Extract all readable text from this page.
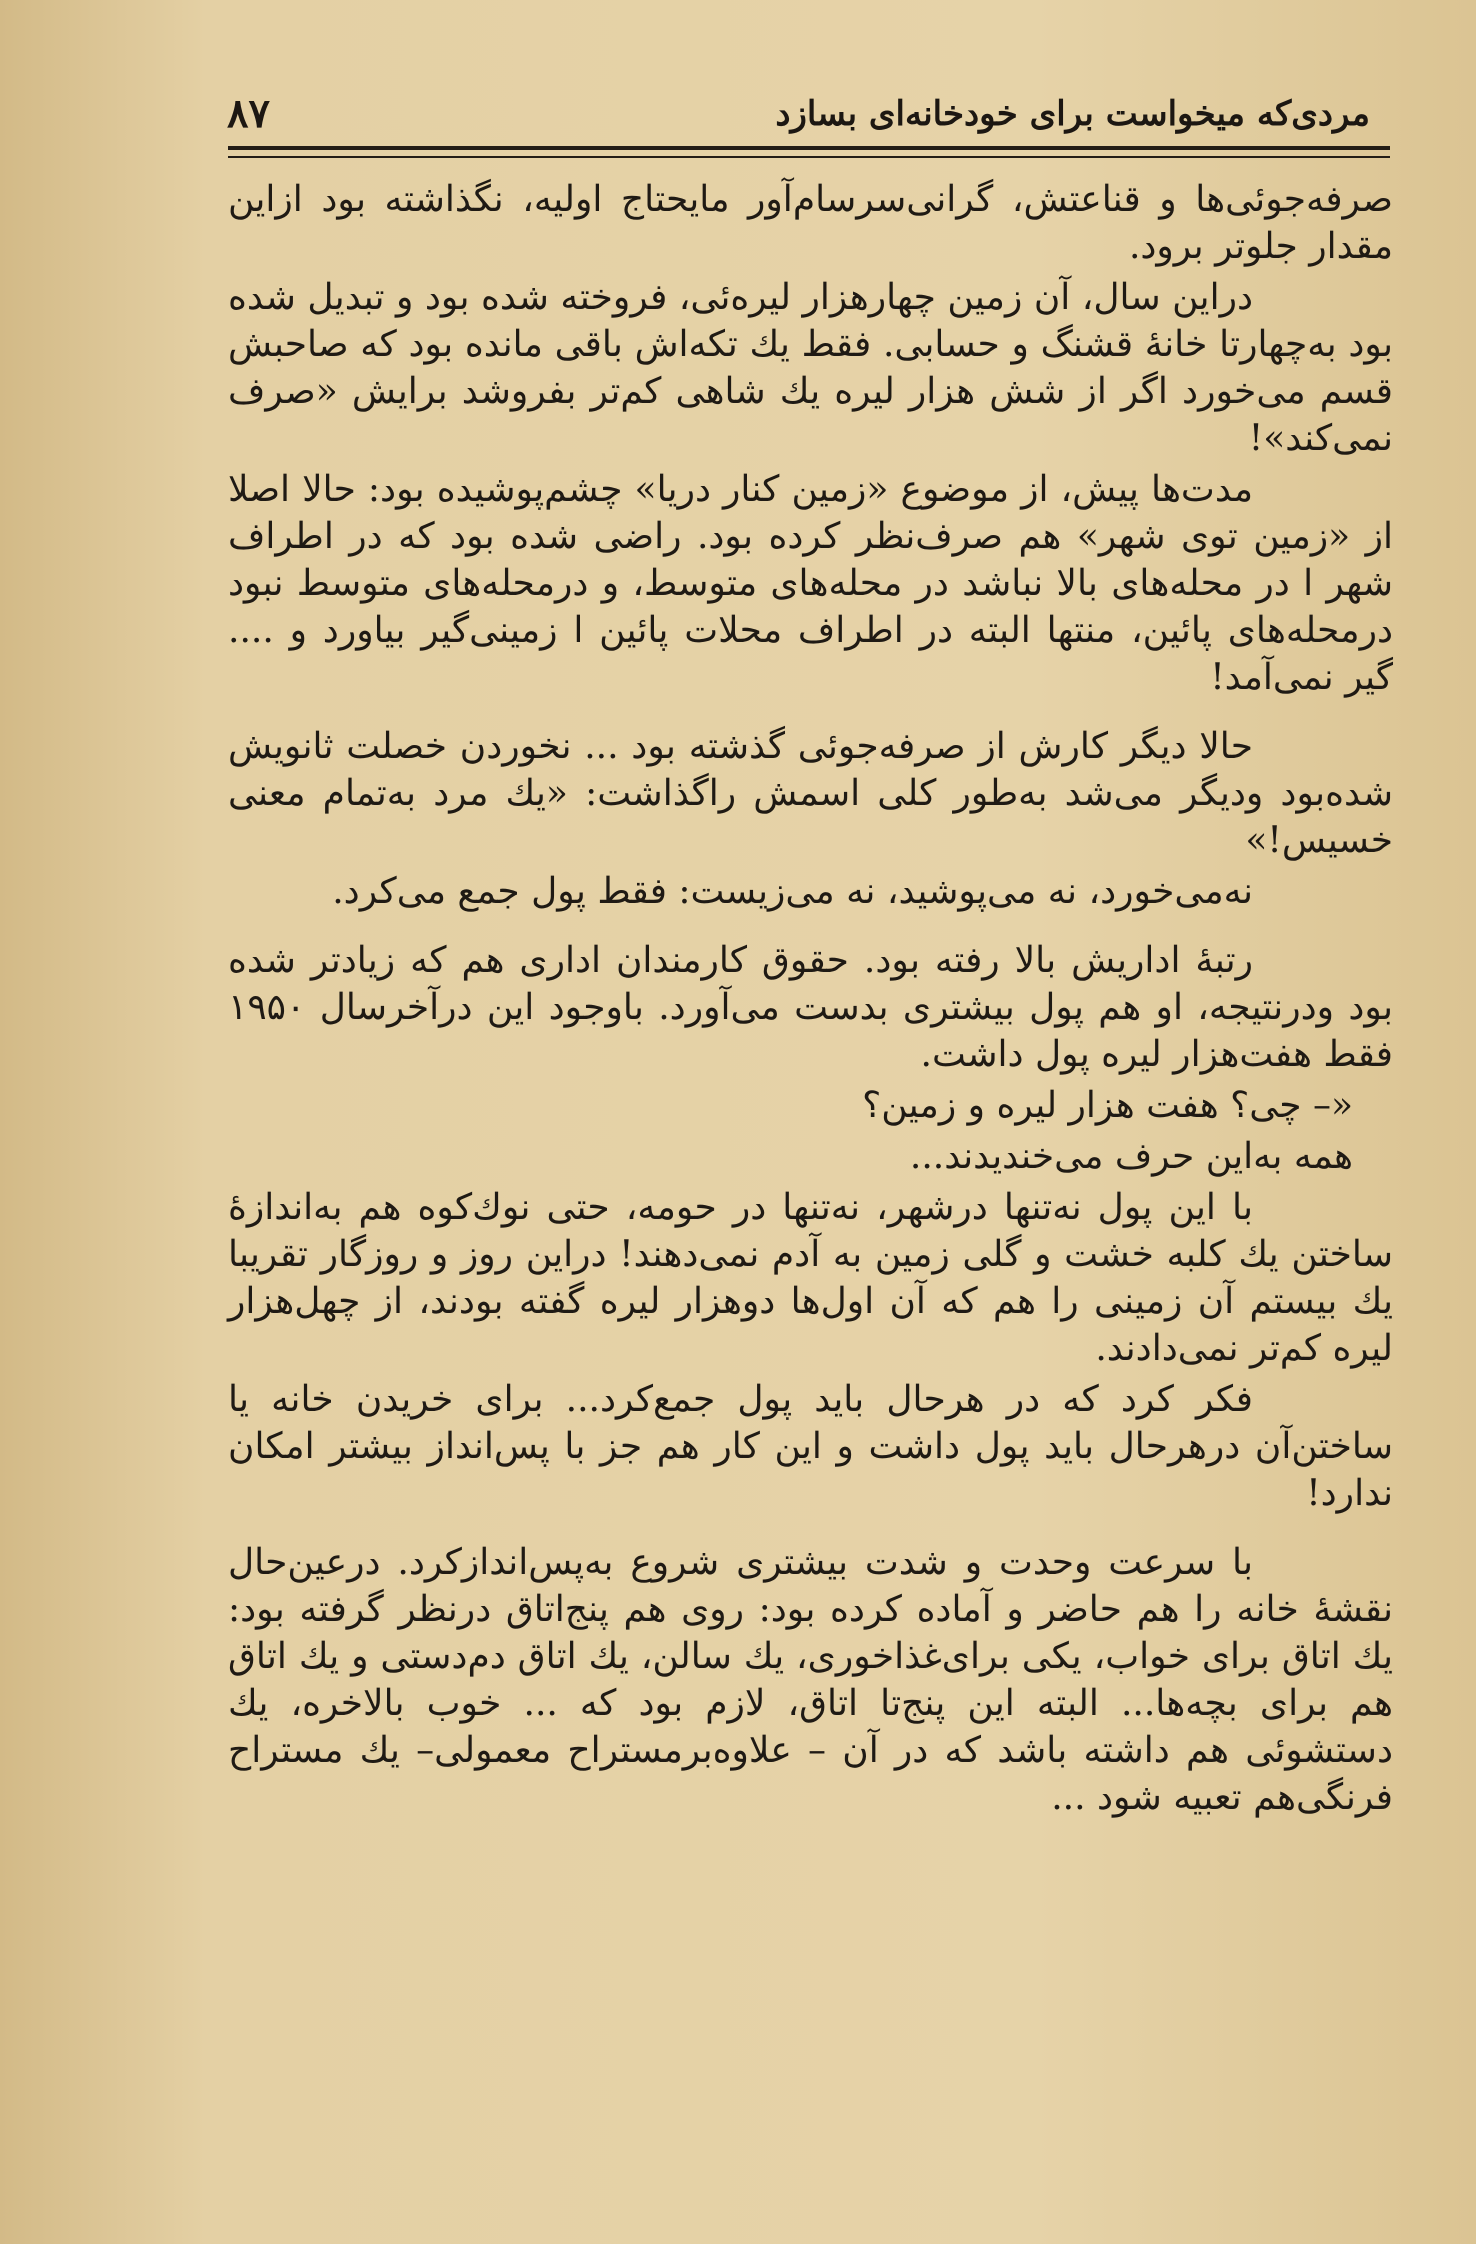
مردی‌که میخواست برای خودخانه‌ای بسازد
۸۷

صرفه‌جوئی‌ها و قناعتش، گرانی‌سرسام‌آور مایحتاج اولیه، نگذاشته بود ازاین مقدار جلوتر برود.

دراین سال، آن زمین چهارهزار لیره‌ئی، فروخته شده بود و تبدیل شده بود به‌چهارتا خانهٔ قشنگ و حسابی. فقط یك تکه‌اش باقی مانده بود که صاحبش قسم می‌خورد اگر از شش هزار لیره یك شاهی کم‌تر بفروشد برایش «صرف نمی‌کند»!

مدت‌ها پیش، از موضوع «زمین کنار دریا» چشم‌پوشیده بود: حالا اصلا از «زمین توی شهر» هم صرف‌نظر کرده بود. راضی شده بود که در اطراف شهر ا در محله‌های بالا نباشد در محله‌های متوسط، و درمحله‌های متوسط نبود درمحله‌های پائین، منتها البته در اطراف محلات پائین ا زمینی‌گیر بیاورد و .... گیر نمی‌آمد!

حالا دیگر کارش از صرفه‌جوئی گذشته بود ... نخوردن خصلت ثانویش شده‌بود ودیگر می‌شد به‌طور کلی اسمش راگذاشت: «یك مرد به‌تمام معنی خسیس!»

نه‌می‌خورد، نه می‌پوشید، نه می‌زیست: فقط پول جمع می‌کرد.

رتبهٔ اداریش بالا رفته بود. حقوق کارمندان اداری هم که زیادتر شده بود ودرنتیجه، او هم پول بیشتری بدست می‌آورد. باوجود این درآخرسال ۱۹۵۰ فقط هفت‌هزار لیره پول داشت.

«– چی؟ هفت هزار لیره و زمین؟

همه به‌این حرف می‌خندیدند...

با این پول نه‌تنها درشهر، نه‌تنها در حومه، حتی نوك‌کوه هم به‌اندازهٔ ساختن یك کلبه خشت و گلی زمین به آدم نمی‌دهند! دراین روز و روزگار تقریبا یك بیستم آن زمینی را هم که آن اول‌ها دوهزار لیره گفته بودند، از چهل‌هزار لیره کم‌تر نمی‌دادند.

فکر کرد که در هرحال باید پول جمع‌کرد... برای خریدن خانه یا ساختن‌آن درهرحال باید پول داشت و این کار هم جز با پس‌انداز بیشتر امکان ندارد!

با سرعت وحدت و شدت بیشتری شروع به‌پس‌اندازکرد. درعین‌حال نقشهٔ خانه را هم حاضر و آماده کرده بود: روی هم پنج‌اتاق درنظر گرفته بود: یك اتاق برای خواب، یکی برای‌غذاخوری، یك سالن، یك اتاق دم‌دستی و یك اتاق هم برای بچه‌ها... البته این پنج‌تا اتاق، لازم بود که ... خوب بالاخره، یك دستشوئی هم داشته باشد که در آن – علاوه‌برمستراح معمولی– یك مستراح فرنگی‌هم تعبیه شود ...
